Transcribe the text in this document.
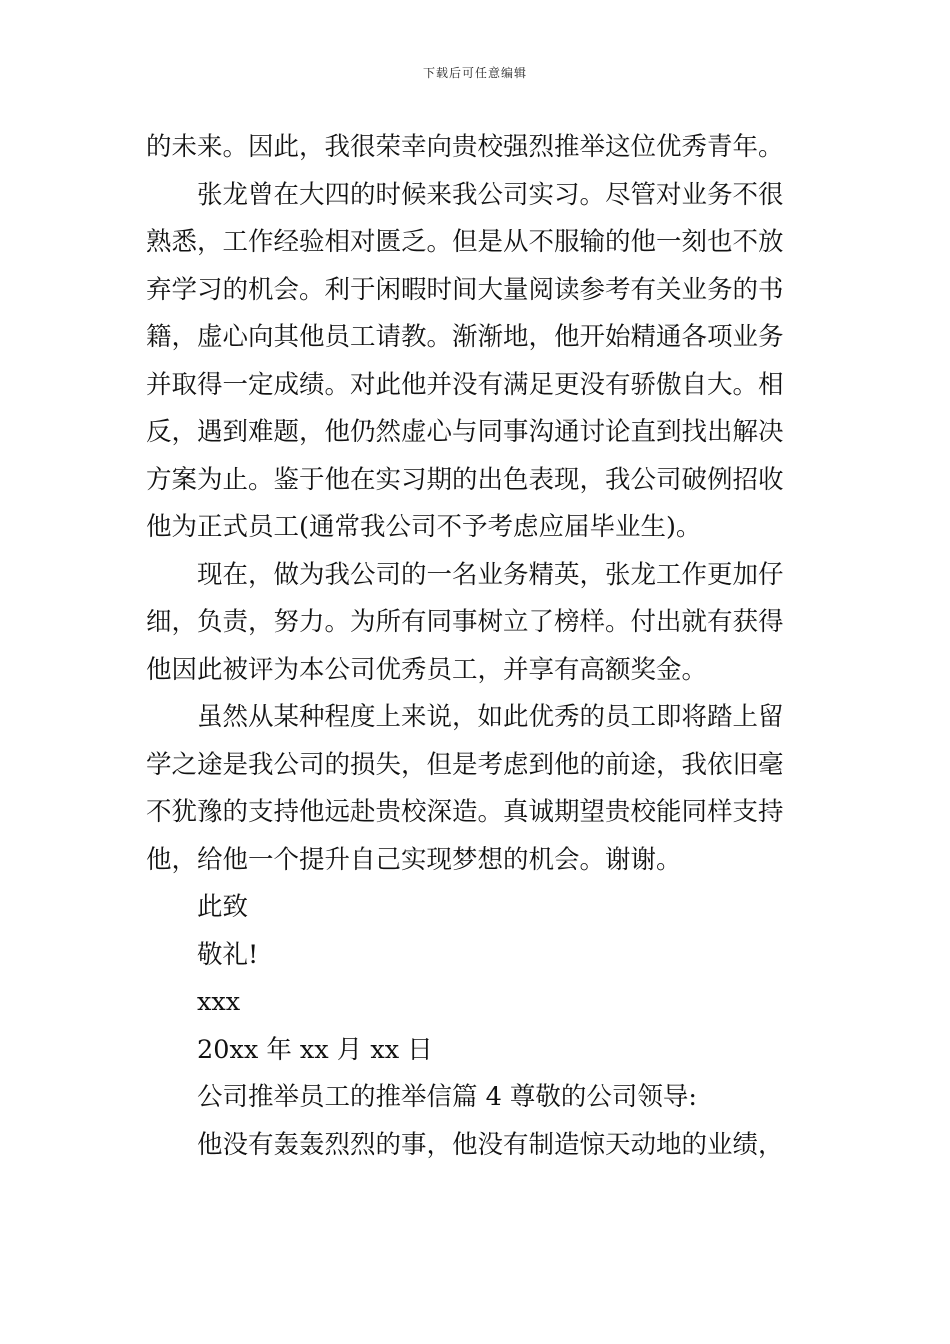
下载后可任意编辑

的未来。因此，我很荣幸向贵校强烈推举这位优秀青年。

张龙曾在大四的时候来我公司实习。尽管对业务不很
熟悉，工作经验相对匮乏。但是从不服输的他一刻也不放
弃学习的机会。利于闲暇时间大量阅读参考有关业务的书
籍，虚心向其他员工请教。渐渐地，他开始精通各项业务
并取得一定成绩。对此他并没有满足更没有骄傲自大。相
反，遇到难题，他仍然虚心与同事沟通讨论直到找出解决
方案为止。鉴于他在实习期的出色表现，我公司破例招收
他为正式员工(通常我公司不予考虑应届毕业生)。

现在，做为我公司的一名业务精英，张龙工作更加仔
细，负责，努力。为所有同事树立了榜样。付出就有获得
他因此被评为本公司优秀员工，并享有高额奖金。

虽然从某种程度上来说，如此优秀的员工即将踏上留
学之途是我公司的损失，但是考虑到他的前途，我依旧毫
不犹豫的支持他远赴贵校深造。真诚期望贵校能同样支持
他，给他一个提升自己实现梦想的机会。谢谢。

此致

敬礼!

xxx

20xx 年 xx 月 xx 日

公司推举员工的推举信篇 4 尊敬的公司领导:

他没有轰轰烈烈的事，他没有制造惊天动地的业绩，
